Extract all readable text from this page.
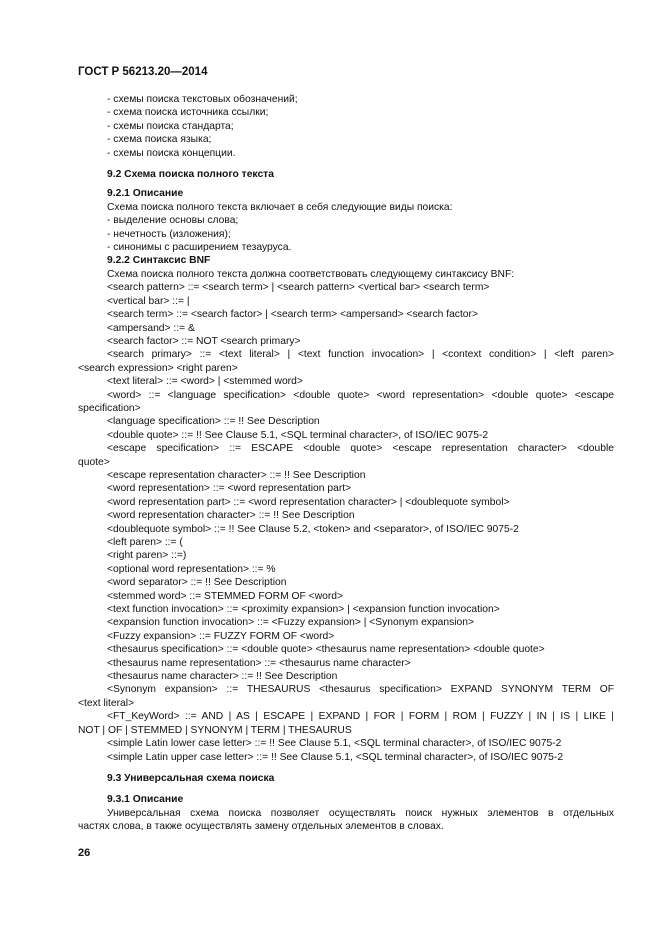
ГОСТ Р 56213.20—2014
- схемы поиска текстовых обозначений;
- схема поиска источника ссылки;
- схемы поиска стандарта;
- схема поиска языка;
- схемы поиска концепции.
9.2 Схема поиска полного текста
9.2.1 Описание
Схема поиска полного текста включает в себя следующие виды поиска:
- выделение основы слова;
- нечетность (изложения);
- синонимы с расширением тезауруса.
9.2.2 Синтаксис BNF
Схема поиска полного текста должна соответствовать следующему синтаксису BNF:
<search pattern> ::= <search term> | <search pattern> <vertical bar> <search term>
<vertical bar> ::= |
<search term> ::= <search factor> | <search term> <ampersand> <search factor>
<ampersand> ::= &
<search factor> ::= NOT <search primary>
<search primary> ::= <text literal> | <text function invocation> | <context condition> | <left paren>
<search expression> <right paren>
<text literal> ::= <word> | <stemmed word>
<word> ::= <language specification> <double quote> <word representation> <double quote> <escape
specification>
<language specification> ::= !! See Description
<double quote> ::= !! See Clause 5.1, <SQL terminal character>, of ISO/IEC 9075-2
<escape specification> ::= ESCAPE <double quote> <escape representation character> <double
quote>
<escape representation character> ::= !! See Description
<word representation> ::= <word representation part>
<word representation part> ::= <word representation character> | <doublequote symbol>
<word representation character> ::= !! See Description
<doublequote symbol> ::= !! See Clause 5.2, <token> and <separator>, of ISO/IEC 9075-2
<left paren> ::= (
<right paren> ::=)
<optional word representation> ::= %
<word separator> ::= !! See Description
<stemmed word> ::= STEMMED FORM OF <word>
<text function invocation> ::= <proximity expansion> | <expansion function invocation>
<expansion function invocation> ::= <Fuzzy expansion> | <Synonym expansion>
<Fuzzy expansion> ::= FUZZY FORM OF <word>
<thesaurus specification> ::= <double quote> <thesaurus name representation> <double quote>
<thesaurus name representation> ::= <thesaurus name character>
<thesaurus name character> ::= !! See Description
<Synonym expansion> ::= THESAURUS <thesaurus specification> EXPAND SYNONYM TERM OF
<text literal>
<FT_KeyWord> ::= AND | AS | ESCAPE | EXPAND | FOR | FORM | ROM | FUZZY | IN | IS | LIKE |
NOT | OF | STEMMED | SYNONYM | TERM | THESAURUS
<simple Latin lower case letter> ::= !! See Clause 5.1, <SQL terminal character>, of ISO/IEC 9075-2
<simple Latin upper case letter> ::= !! See Clause 5.1, <SQL terminal character>, of ISO/IEC 9075-2
9.3 Универсальная схема поиска
9.3.1 Описание
Универсальная схема поиска позволяет осуществлять поиск нужных элементов в отдельных
частях слова, в также осуществлять замену отдельных элементов в словах.
26
